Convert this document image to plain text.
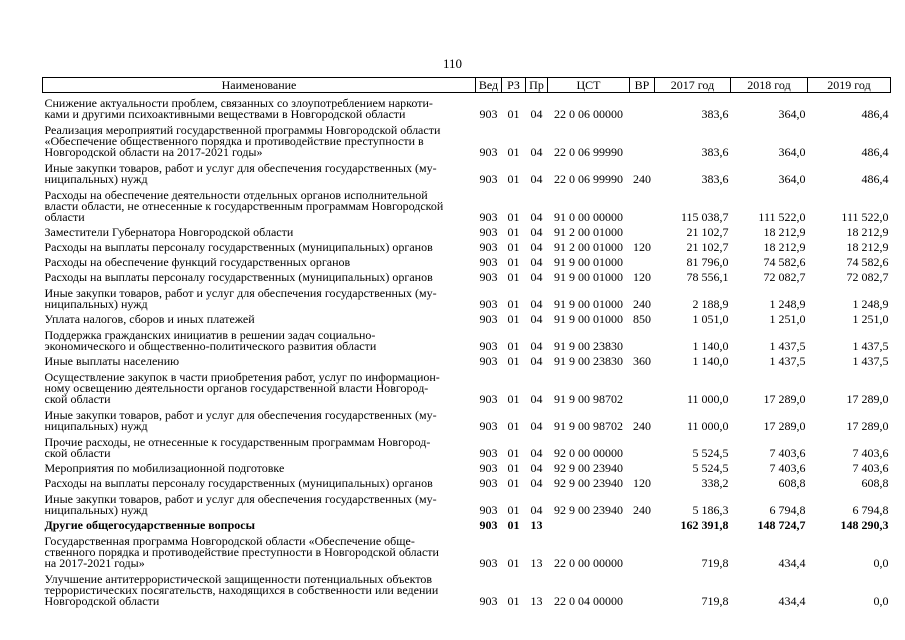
110
Наименование	Вед	РЗ	Пр	ЦСТ	ВР	2017 год	2018 год	2019 год
Снижение актуальности проблем, связанных со злоупотреблением наркоти-
ками и другими психоактивными веществами в Новгородской области	903	01	04	22 0 06 00000		383,6	364,0	486,4
Реализация мероприятий государственной программы Новгородской области
«Обеспечение общественного порядка и противодействие преступности в
Новгородской области на 2017-2021 годы»	903	01	04	22 0 06 99990		383,6	364,0	486,4
Иные закупки товаров, работ и услуг для обеспечения государственных (му-
ниципальных) нужд	903	01	04	22 0 06 99990	240	383,6	364,0	486,4
Расходы на обеспечение деятельности отдельных органов исполнительной
власти области, не отнесенные к государственным программам Новгородской
области	903	01	04	91 0 00 00000		115 038,7	111 522,0	111 522,0
Заместители Губернатора Новгородской области	903	01	04	91 2 00 01000		21 102,7	18 212,9	18 212,9
Расходы на выплаты персоналу государственных (муниципальных) органов	903	01	04	91 2 00 01000	120	21 102,7	18 212,9	18 212,9
Расходы на обеспечение функций государственных органов	903	01	04	91 9 00 01000		81 796,0	74 582,6	74 582,6
Расходы на выплаты персоналу государственных (муниципальных) органов	903	01	04	91 9 00 01000	120	78 556,1	72 082,7	72 082,7
Иные закупки товаров, работ и услуг для обеспечения государственных (му-
ниципальных) нужд	903	01	04	91 9 00 01000	240	2 188,9	1 248,9	1 248,9
Уплата налогов, сборов и иных платежей	903	01	04	91 9 00 01000	850	1 051,0	1 251,0	1 251,0
Поддержка гражданских инициатив в решении задач социально-
экономического и общественно-политического развития области	903	01	04	91 9 00 23830		1 140,0	1 437,5	1 437,5
Иные выплаты населению	903	01	04	91 9 00 23830	360	1 140,0	1 437,5	1 437,5
Осуществление закупок в части приобретения работ, услуг по информацион-
ному освещению деятельности органов государственной власти Новгород-
ской области	903	01	04	91 9 00 98702		11 000,0	17 289,0	17 289,0
Иные закупки товаров, работ и услуг для обеспечения государственных (му-
ниципальных) нужд	903	01	04	91 9 00 98702	240	11 000,0	17 289,0	17 289,0
Прочие расходы, не отнесенные к государственным программам Новгород-
ской области	903	01	04	92 0 00 00000		5 524,5	7 403,6	7 403,6
Мероприятия по мобилизационной подготовке	903	01	04	92 9 00 23940		5 524,5	7 403,6	7 403,6
Расходы на выплаты персоналу государственных (муниципальных) органов	903	01	04	92 9 00 23940	120	338,2	608,8	608,8
Иные закупки товаров, работ и услуг для обеспечения государственных (му-
ниципальных) нужд	903	01	04	92 9 00 23940	240	5 186,3	6 794,8	6 794,8
Другие общегосударственные вопросы	903	01	13			162 391,8	148 724,7	148 290,3
Государственная программа Новгородской области «Обеспечение обще-
ственного порядка и противодействие преступности в Новгородской области
на 2017-2021 годы»	903	01	13	22 0 00 00000		719,8	434,4	0,0
Улучшение антитеррористической защищенности потенциальных объектов
террористических посягательств, находящихся в собственности или ведении
Новгородской области	903	01	13	22 0 04 00000		719,8	434,4	0,0
